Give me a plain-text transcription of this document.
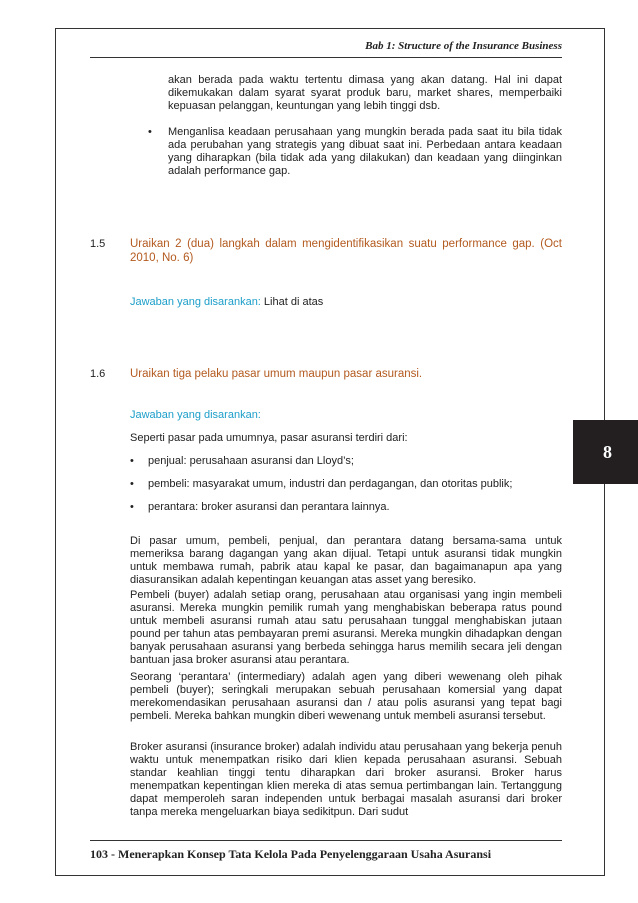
Bab 1: Structure of the Insurance Business
akan berada pada waktu tertentu dimasa yang akan datang. Hal ini dapat dikemukakan dalam syarat syarat produk baru, market shares, memperbaiki kepuasan pelanggan, keuntungan yang lebih tinggi dsb.
• Menganlisa keadaan perusahaan yang mungkin berada pada saat itu bila tidak ada perubahan yang strategis yang dibuat saat ini. Perbedaan antara keadaan yang diharapkan (bila tidak ada yang dilakukan) dan keadaan yang diinginkan adalah performance gap.
1.5 Uraikan 2 (dua) langkah dalam mengidentifikasikan suatu performance gap. (Oct 2010, No. 6)
Jawaban yang disarankan: Lihat di atas
1.6 Uraikan tiga pelaku pasar umum maupun pasar asuransi.
Jawaban yang disarankan:
Seperti pasar pada umumnya, pasar asuransi terdiri dari:
• penjual: perusahaan asuransi dan Lloyd’s;
• pembeli: masyarakat umum, industri dan perdagangan, dan otoritas publik;
• perantara: broker asuransi dan perantara lainnya.
Di pasar umum, pembeli, penjual, dan perantara datang bersama-sama untuk memeriksa barang dagangan yang akan dijual. Tetapi untuk asuransi tidak mungkin untuk membawa rumah, pabrik atau kapal ke pasar, dan bagaimanapun apa yang diasuransikan adalah kepentingan keuangan atas asset yang beresiko.
Pembeli (buyer) adalah setiap orang, perusahaan atau organisasi yang ingin membeli asuransi. Mereka mungkin pemilik rumah yang menghabiskan beberapa ratus pound untuk membeli asuransi rumah atau satu perusahaan tunggal menghabiskan jutaan pound per tahun atas pembayaran premi asuransi. Mereka mungkin dihadapkan dengan banyak perusahaan asuransi yang berbeda sehingga harus memilih secara jeli dengan bantuan jasa broker asuransi atau perantara.
Seorang ‘perantara’ (intermediary) adalah agen yang diberi wewenang oleh pihak pembeli (buyer); seringkali merupakan sebuah perusahaan komersial yang dapat merekomendasikan perusahaan asuransi dan / atau polis asuransi yang tepat bagi pembeli. Mereka bahkan mungkin diberi wewenang untuk membeli asuransi tersebut.
Broker asuransi (insurance broker) adalah individu atau perusahaan yang bekerja penuh waktu untuk menempatkan risiko dari klien kepada perusahaan asuransi. Sebuah standar keahlian tinggi tentu diharapkan dari broker asuransi. Broker harus menempatkan kepentingan klien mereka di atas semua pertimbangan lain. Tertanggung dapat memperoleh saran independen untuk berbagai masalah asuransi dari broker tanpa mereka mengeluarkan biaya sedikitpun. Dari sudut
8
103 - Menerapkan Konsep Tata Kelola Pada Penyelenggaraan Usaha Asuransi
